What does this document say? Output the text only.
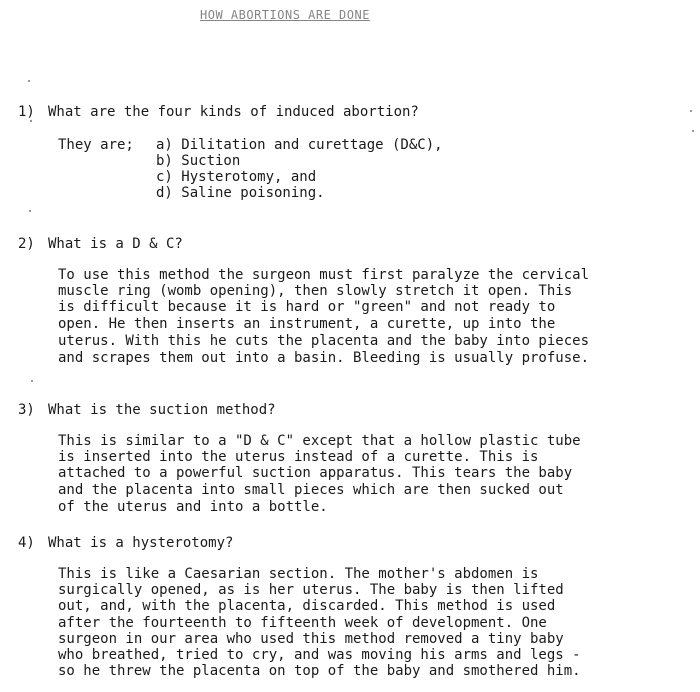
HOW ABORTIONS ARE DONE
1) What are the four kinds of induced abortion?
They are; a) Dilitation and curettage (D&C),
b) Suction
c) Hysterotomy, and
d) Saline poisoning.
2) What is a D & C?
To use this method the surgeon must first paralyze the cervical
muscle ring (womb opening), then slowly stretch it open. This
is difficult because it is hard or "green" and not ready to
open. He then inserts an instrument, a curette, up into the
uterus. With this he cuts the placenta and the baby into pieces
and scrapes them out into a basin. Bleeding is usually profuse.
3) What is the suction method?
This is similar to a "D & C" except that a hollow plastic tube
is inserted into the uterus instead of a curette. This is
attached to a powerful suction apparatus. This tears the baby
and the placenta into small pieces which are then sucked out
of the uterus and into a bottle.
4) What is a hysterotomy?
This is like a Caesarian section. The mother's abdomen is
surgically opened, as is her uterus. The baby is then lifted
out, and, with the placenta, discarded. This method is used
after the fourteenth to fifteenth week of development. One
surgeon in our area who used this method removed a tiny baby
who breathed, tried to cry, and was moving his arms and legs -
so he threw the placenta on top of the baby and smothered him.
